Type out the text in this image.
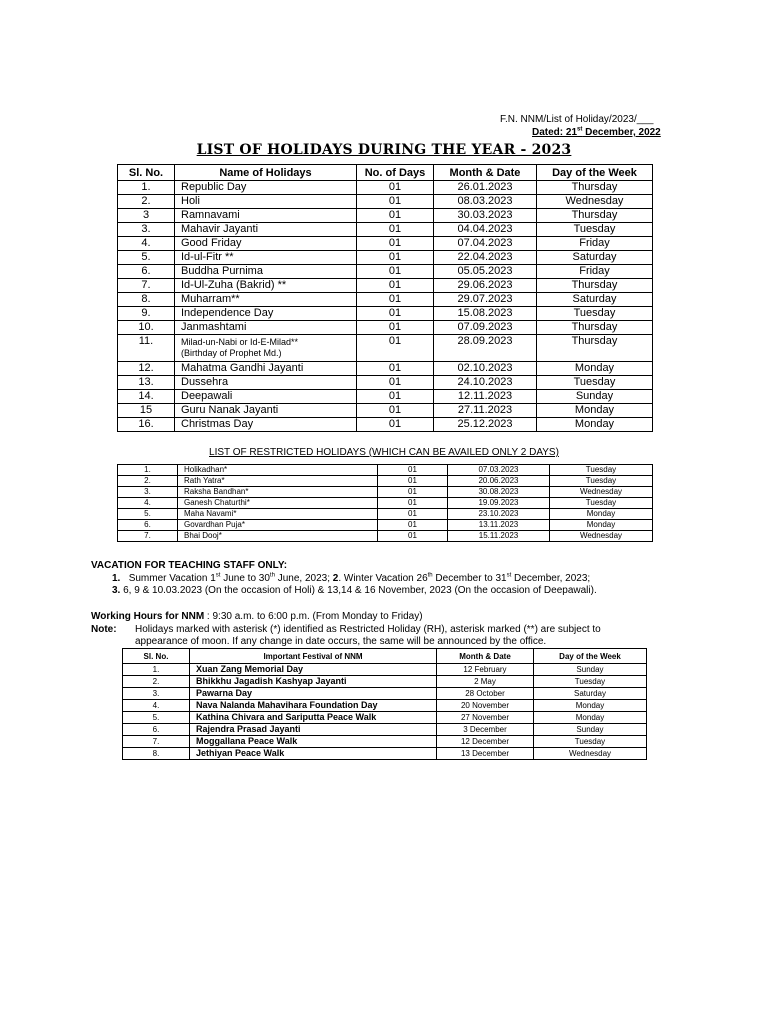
F.N. NNM/List of Holiday/2023/___
Dated: 21st December, 2022
LIST OF HOLIDAYS DURING THE YEAR - 2023
Sl. No.	Name of Holidays	No. of Days	Month & Date	Day of the Week
1.	Republic Day	01	26.01.2023	Thursday
2.	Holi	01	08.03.2023	Wednesday
3	Ramnavami	01	30.03.2023	Thursday
3.	Mahavir Jayanti	01	04.04.2023	Tuesday
4.	Good Friday	01	07.04.2023	Friday
5.	Id-ul-Fitr **	01	22.04.2023	Saturday
6.	Buddha Purnima	01	05.05.2023	Friday
7.	Id-Ul-Zuha (Bakrid) **	01	29.06.2023	Thursday
8.	Muharram**	01	29.07.2023	Saturday
9.	Independence Day	01	15.08.2023	Tuesday
10.	Janmashtami	01	07.09.2023	Thursday
11.	Milad-un-Nabi or Id-E-Milad**
(Birthday of Prophet Md.)	01	28.09.2023	Thursday
12.	Mahatma Gandhi Jayanti	01	02.10.2023	Monday
13.	Dussehra	01	24.10.2023	Tuesday
14.	Deepawali	01	12.11.2023	Sunday
15	Guru Nanak Jayanti	01	27.11.2023	Monday
16.	Christmas Day	01	25.12.2023	Monday
LIST OF RESTRICTED HOLIDAYS (WHICH CAN BE AVAILED ONLY 2 DAYS)
1.	Holikadhan*	01	07.03.2023	Tuesday
2.	Rath Yatra*	01	20.06.2023	Tuesday
3.	Raksha Bandhan*	01	30.08.2023	Wednesday
4.	Ganesh Chaturthi*	01	19.09.2023	Tuesday
5.	Maha Navami*	01	23.10.2023	Monday
6.	Govardhan Puja*	01	13.11.2023	Monday
7.	Bhai Dooj*	01	15.11.2023	Wednesday
VACATION FOR TEACHING STAFF ONLY:
1. Summer Vacation 1st June to 30th June, 2023; 2. Winter Vacation 26th December to 31st December, 2023;
3. 6, 9 & 10.03.2023 (On the occasion of Holi) & 13,14 & 16 November, 2023 (On the occasion of Deepawali).
Working Hours for NNM : 9:30 a.m. to 6:00 p.m. (From Monday to Friday)
Note: Holidays marked with asterisk (*) identified as Restricted Holiday (RH), asterisk marked (**) are subject to
appearance of moon. If any change in date occurs, the same will be announced by the office.
Sl. No.	Important Festival of NNM	Month & Date	Day of the Week
1.	Xuan Zang Memorial Day	12 February	Sunday
2.	Bhikkhu Jagadish Kashyap Jayanti	2 May	Tuesday
3.	Pawarna Day	28 October	Saturday
4.	Nava Nalanda Mahavihara Foundation Day	20 November	Monday
5.	Kathina Chivara and Sariputta Peace Walk	27 November	Monday
6.	Rajendra Prasad Jayanti	3 December	Sunday
7.	Moggallana Peace Walk	12 December	Tuesday
8.	Jethiyan Peace Walk	13 December	Wednesday
